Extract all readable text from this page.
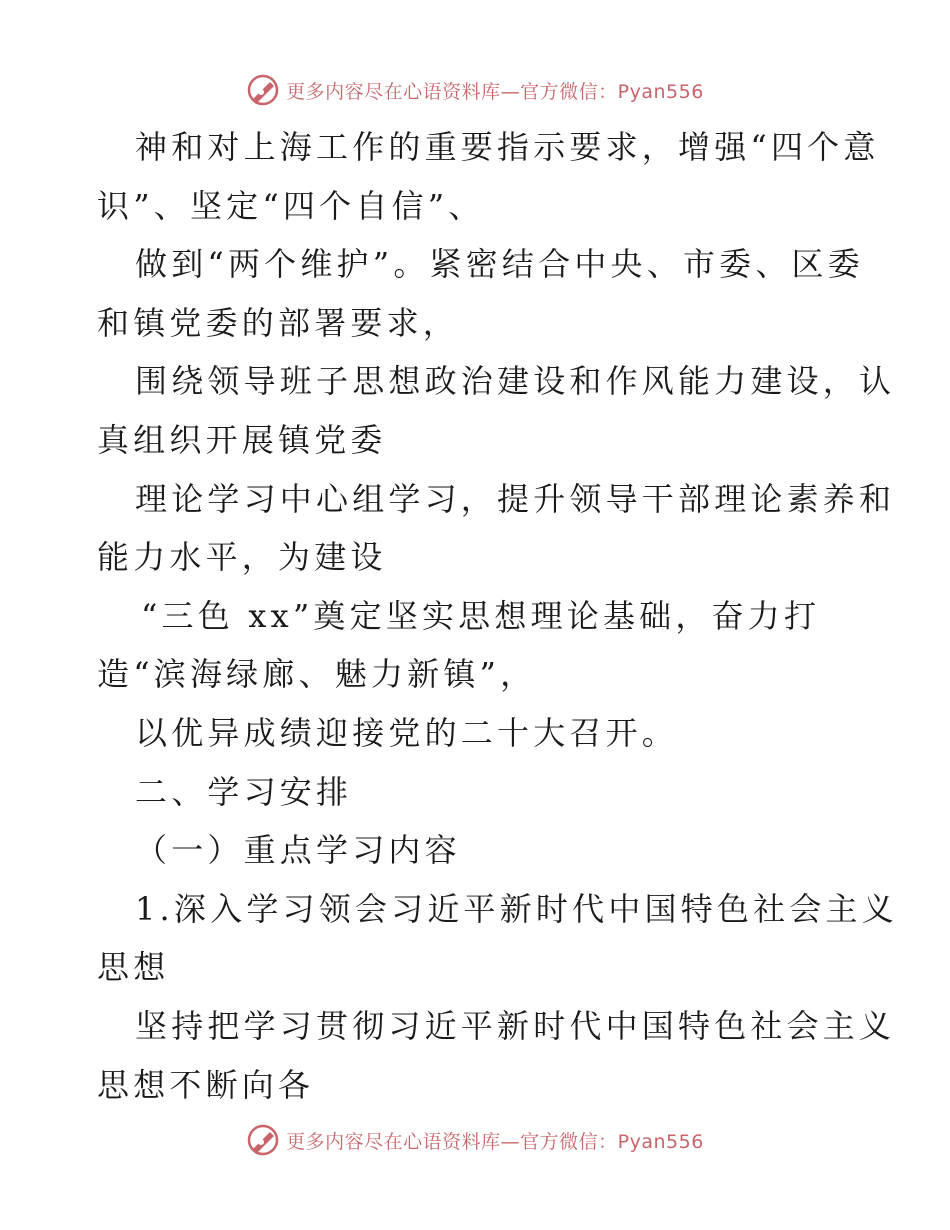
更多内容尽在心语资料库—官方微信：Pyan556
神和对上海工作的重要指示要求，增强“四个意
识”、坚定“四个自信”、
做到“两个维护”。紧密结合中央、市委、区委
和镇党委的部署要求，
围绕领导班子思想政治建设和作风能力建设，认
真组织开展镇党委
理论学习中心组学习，提升领导干部理论素养和
能力水平，为建设
“三色 xx”奠定坚实思想理论基础，奋力打
造“滨海绿廊、魅力新镇”，
以优异成绩迎接党的二十大召开。
二、学习安排
（一）重点学习内容
1.深入学习领会习近平新时代中国特色社会主义
思想
坚持把学习贯彻习近平新时代中国特色社会主义
思想不断向各
更多内容尽在心语资料库—官方微信：Pyan556
